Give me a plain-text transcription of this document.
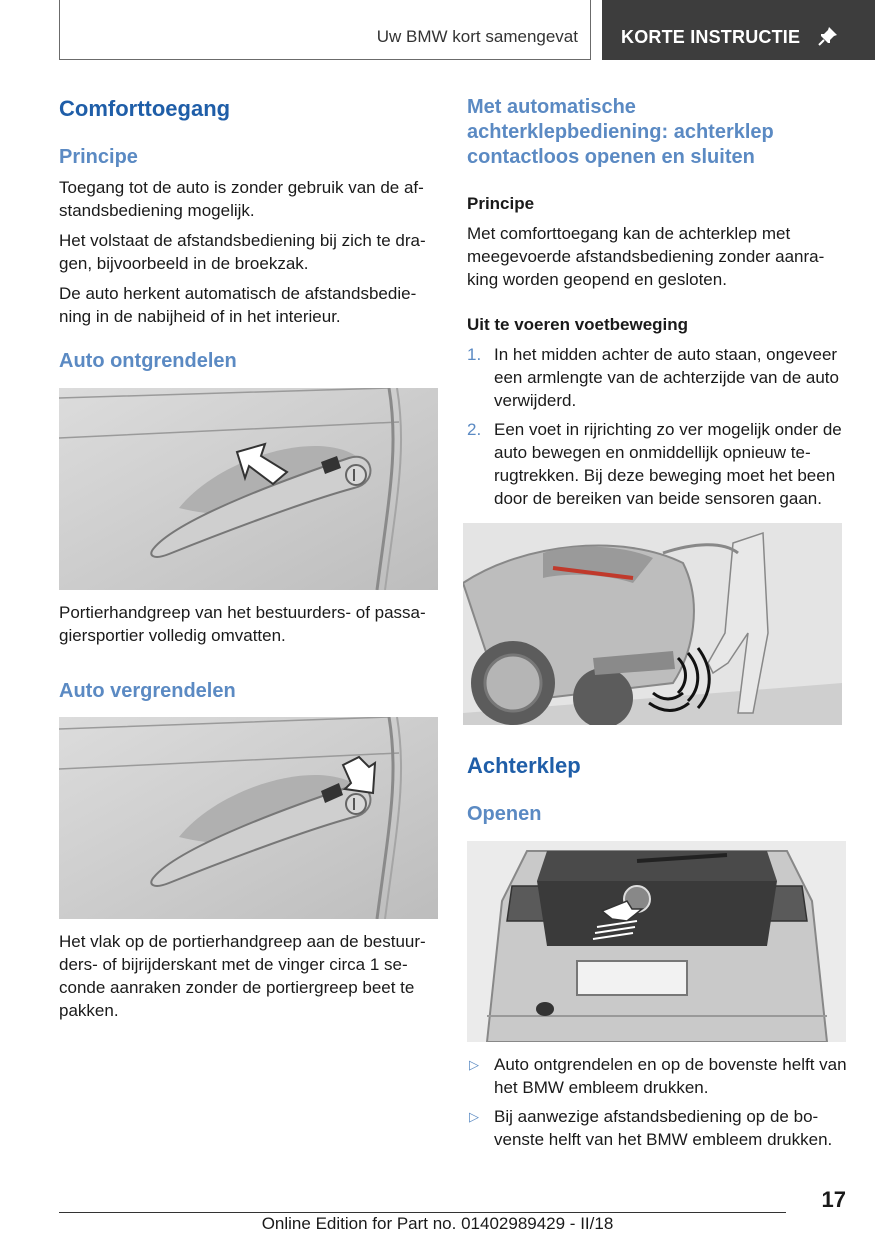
Uw BMW kort samengevat KORTE INSTRUCTIE
Comforttoegang
Principe
Toegang tot de auto is zonder gebruik van de af-standsbediening mogelijk.
Het volstaat de afstandsbediening bij zich te dra-gen, bijvoorbeeld in de broekzak.
De auto herkent automatisch de afstandsbedie-ning in de nabijheid of in het interieur.
Auto ontgrendelen
Portierhandgreep van het bestuurders- of passa-giersportier volledig omvatten.
Auto vergrendelen
Het vlak op de portierhandgreep aan de bestuur-ders- of bijrijderskant met de vinger circa 1 se-conde aanraken zonder de portiergreep beet te pakken.
Met automatische achterklepbediening: achterklep contactloos openen en sluiten
Principe
Met comforttoegang kan de achterklep met meegevoerde afstandsbediening zonder aanra-king worden geopend en gesloten.
Uit te voeren voetbeweging
1. In het midden achter de auto staan, ongeveer een armlengte van de achterzijde van de auto verwijderd.
2. Een voet in rijrichting zo ver mogelijk onder de auto bewegen en onmiddellijk opnieuw te-rugtrekken. Bij deze beweging moet het been door de bereiken van beide sensoren gaan.
Achterklep
Openen
▷ Auto ontgrendelen en op de bovenste helft van het BMW embleem drukken.
▷ Bij aanwezige afstandsbediening op de bo-venste helft van het BMW embleem drukken.
17
Online Edition for Part no. 01402989429 - II/18
